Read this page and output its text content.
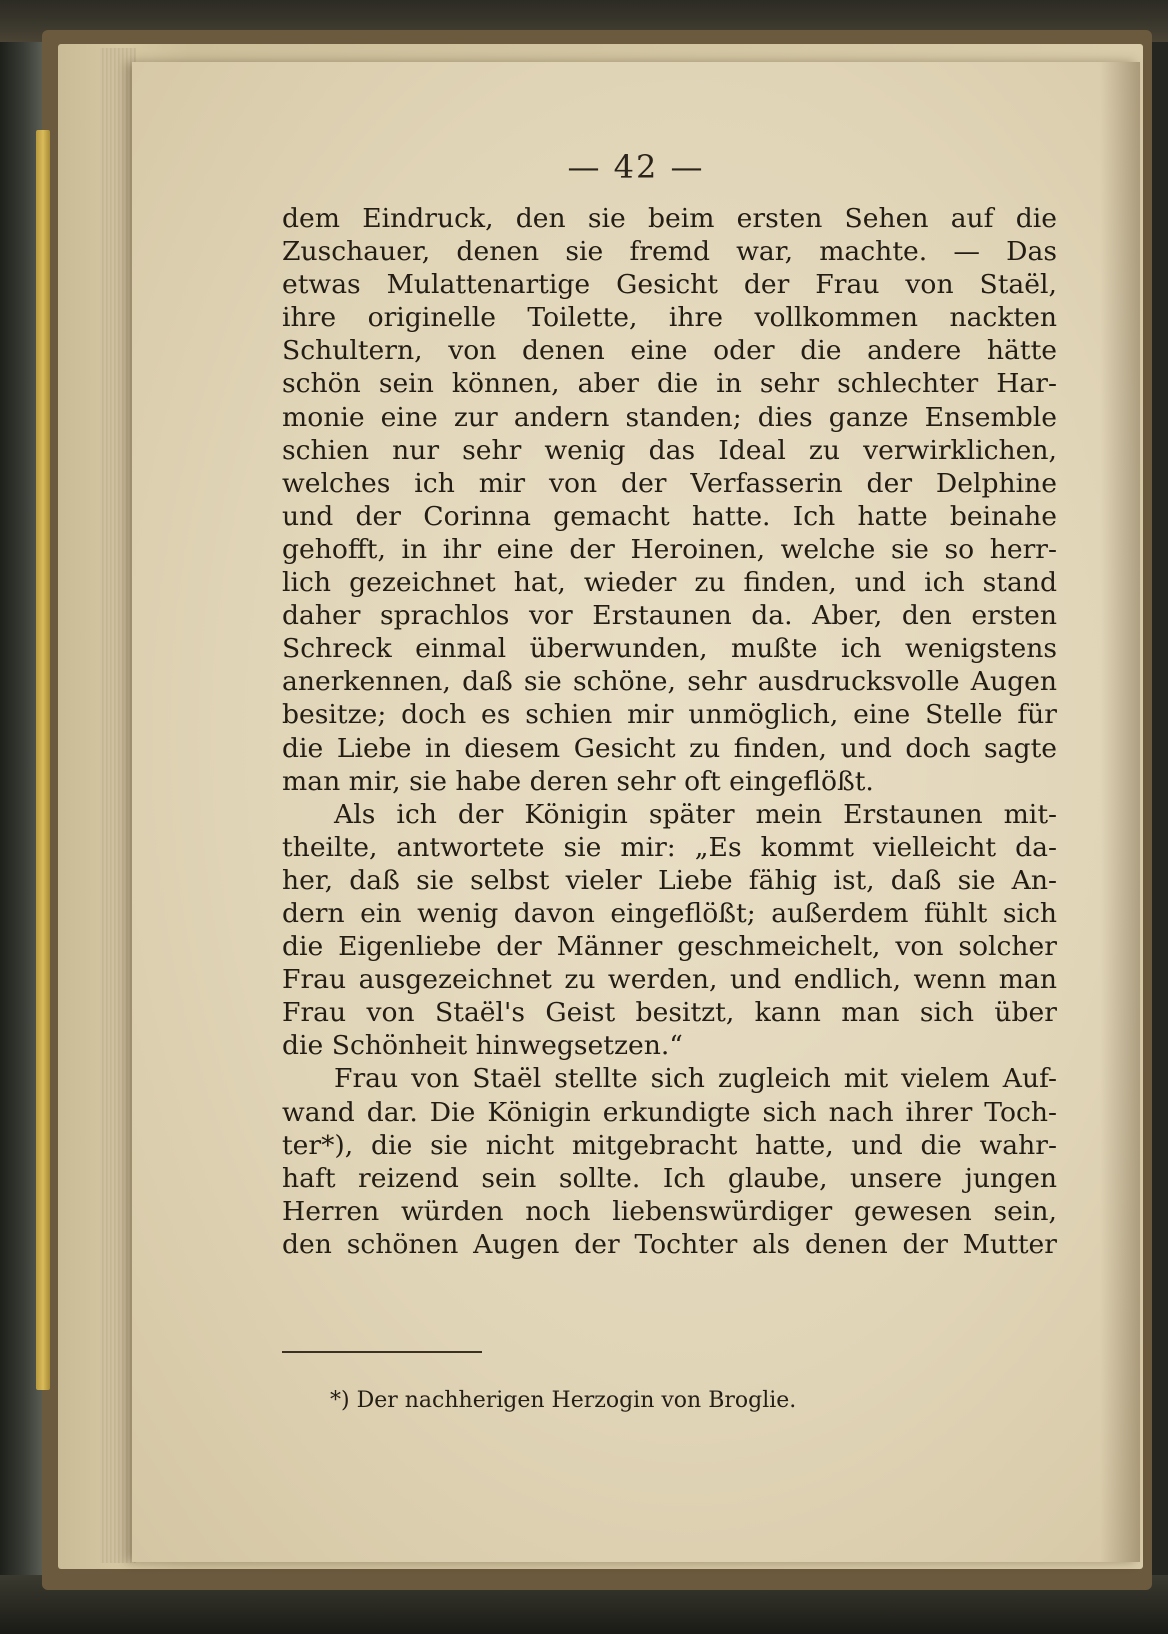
— 42 —
dem Eindruck, den sie beim ersten Sehen auf die
Zuschauer, denen sie fremd war, machte. — Das
etwas Mulattenartige Gesicht der Frau von Staël,
ihre originelle Toilette, ihre vollkommen nackten
Schultern, von denen eine oder die andere hätte
schön sein können, aber die in sehr schlechter Har-
monie eine zur andern standen; dies ganze Ensemble
schien nur sehr wenig das Ideal zu verwirklichen,
welches ich mir von der Verfasserin der Delphine
und der Corinna gemacht hatte. Ich hatte beinahe
gehofft, in ihr eine der Heroinen, welche sie so herr-
lich gezeichnet hat, wieder zu finden, und ich stand
daher sprachlos vor Erstaunen da. Aber, den ersten
Schreck einmal überwunden, mußte ich wenigstens
anerkennen, daß sie schöne, sehr ausdrucksvolle Augen
besitze; doch es schien mir unmöglich, eine Stelle für
die Liebe in diesem Gesicht zu finden, und doch sagte
man mir, sie habe deren sehr oft eingeflößt.
Als ich der Königin später mein Erstaunen mit-
theilte, antwortete sie mir: „Es kommt vielleicht da-
her, daß sie selbst vieler Liebe fähig ist, daß sie An-
dern ein wenig davon eingeflößt; außerdem fühlt sich
die Eigenliebe der Männer geschmeichelt, von solcher
Frau ausgezeichnet zu werden, und endlich, wenn man
Frau von Staël's Geist besitzt, kann man sich über
die Schönheit hinwegsetzen.“
Frau von Staël stellte sich zugleich mit vielem Auf-
wand dar. Die Königin erkundigte sich nach ihrer Toch-
ter*), die sie nicht mitgebracht hatte, und die wahr-
haft reizend sein sollte. Ich glaube, unsere jungen
Herren würden noch liebenswürdiger gewesen sein,
den schönen Augen der Tochter als denen der Mutter
*) Der nachherigen Herzogin von Broglie.
